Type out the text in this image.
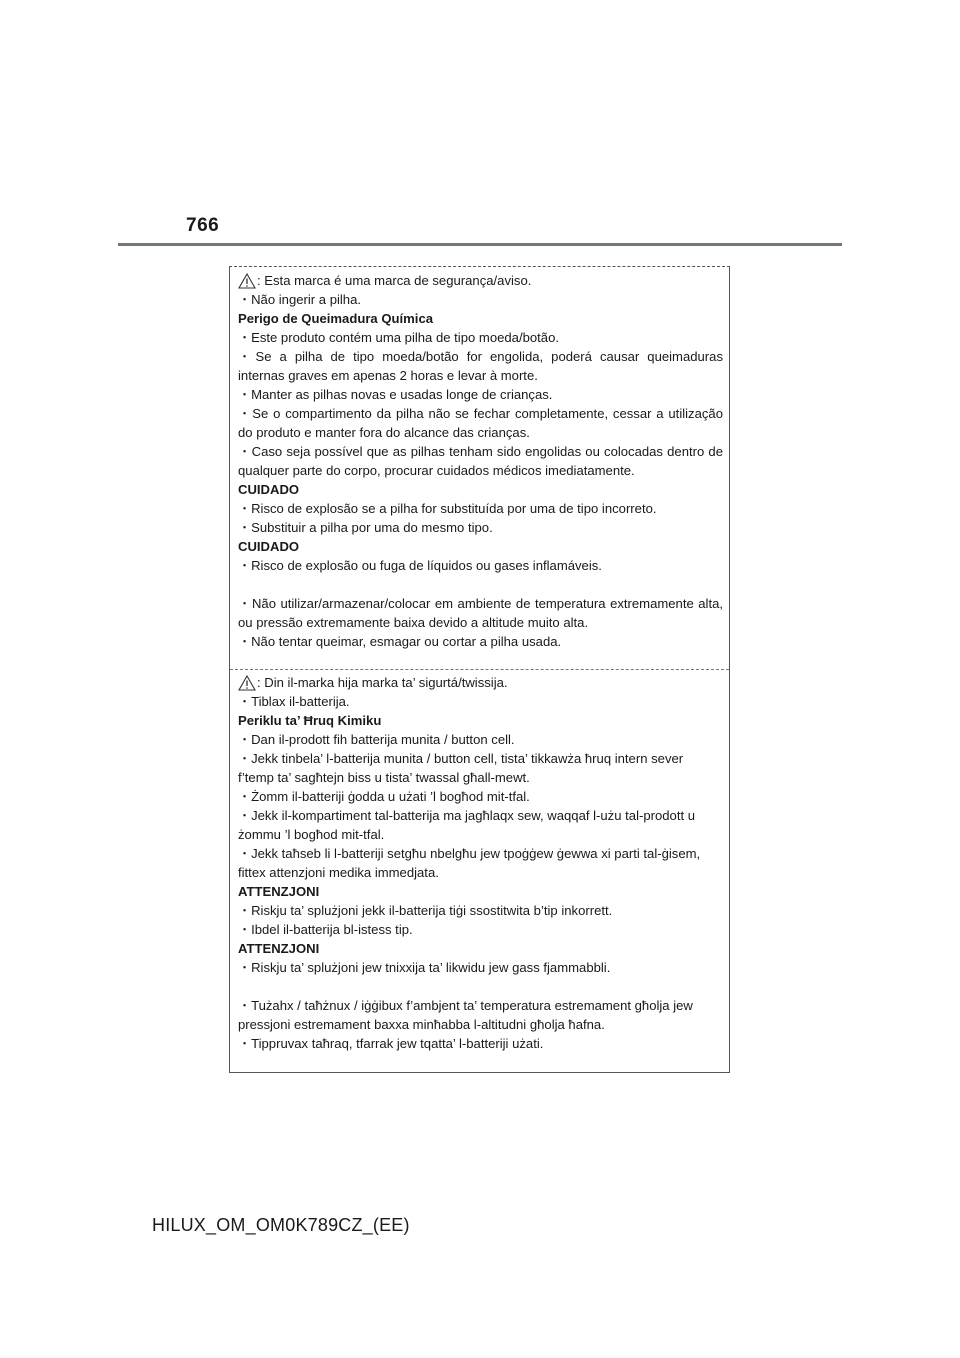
766
: Esta marca é uma marca de segurança/aviso.
・Não ingerir a pilha.
Perigo de Queimadura Química
・Este produto contém uma pilha de tipo moeda/botão.
・Se a pilha de tipo moeda/botão for engolida, poderá causar queimaduras
internas graves em apenas 2 horas e levar à morte.
・Manter as pilhas novas e usadas longe de crianças.
・Se o compartimento da pilha não se fechar completamente, cessar a utilização
do produto e manter fora do alcance das crianças.
・Caso seja possível que as pilhas tenham sido engolidas ou colocadas dentro de
qualquer parte do corpo, procurar cuidados médicos imediatamente.
CUIDADO
・Risco de explosão se a pilha for substituída por uma de tipo incorreto.
・Substituir a pilha por uma do mesmo tipo.
CUIDADO
・Risco de explosão ou fuga de líquidos ou gases inflamáveis.
・Não utilizar/armazenar/colocar em ambiente de temperatura extremamente alta,
ou pressão extremamente baixa devido a altitude muito alta.
・Não tentar queimar, esmagar ou cortar a pilha usada.
: Din il-marka hija marka ta’ sigurtá/twissija.
・Tiblax il-batterija.
Periklu ta’ Ħruq Kimiku
・Dan il-prodott fih batterija munita / button cell.
・Jekk tinbela’ l-batterija munita / button cell, tista’ tikkawża ħruq intern sever
f’temp ta’ sagħtejn biss u tista’ twassal għall-mewt.
・Żomm il-batteriji ġodda u użati ’l bogħod mit-tfal.
・Jekk il-kompartiment tal-batterija ma jagħlaqx sew, waqqaf l-użu tal-prodott u
żommu ’l bogħod mit-tfal.
・Jekk taħseb li l-batteriji setgħu nbelgħu jew tpoġġew ġewwa xi parti tal-ġisem,
fittex attenzjoni medika immedjata.
ATTENZJONI
・Riskju ta’ splużjoni jekk il-batterija tiġi ssostitwita b’tip inkorrett.
・Ibdel il-batterija bl-istess tip.
ATTENZJONI
・Riskju ta’ splużjoni jew tnixxija ta’ likwidu jew gass fjammabbli.
・Tużahx / taħżnux / iġġibux f’ambjent ta’ temperatura estremament għolja jew
pressjoni estremament baxxa minħabba l-altitudni għolja ħafna.
・Tippruvax taħraq, tfarrak jew tqatta’ l-batteriji użati.
HILUX_OM_OM0K789CZ_(EE)
